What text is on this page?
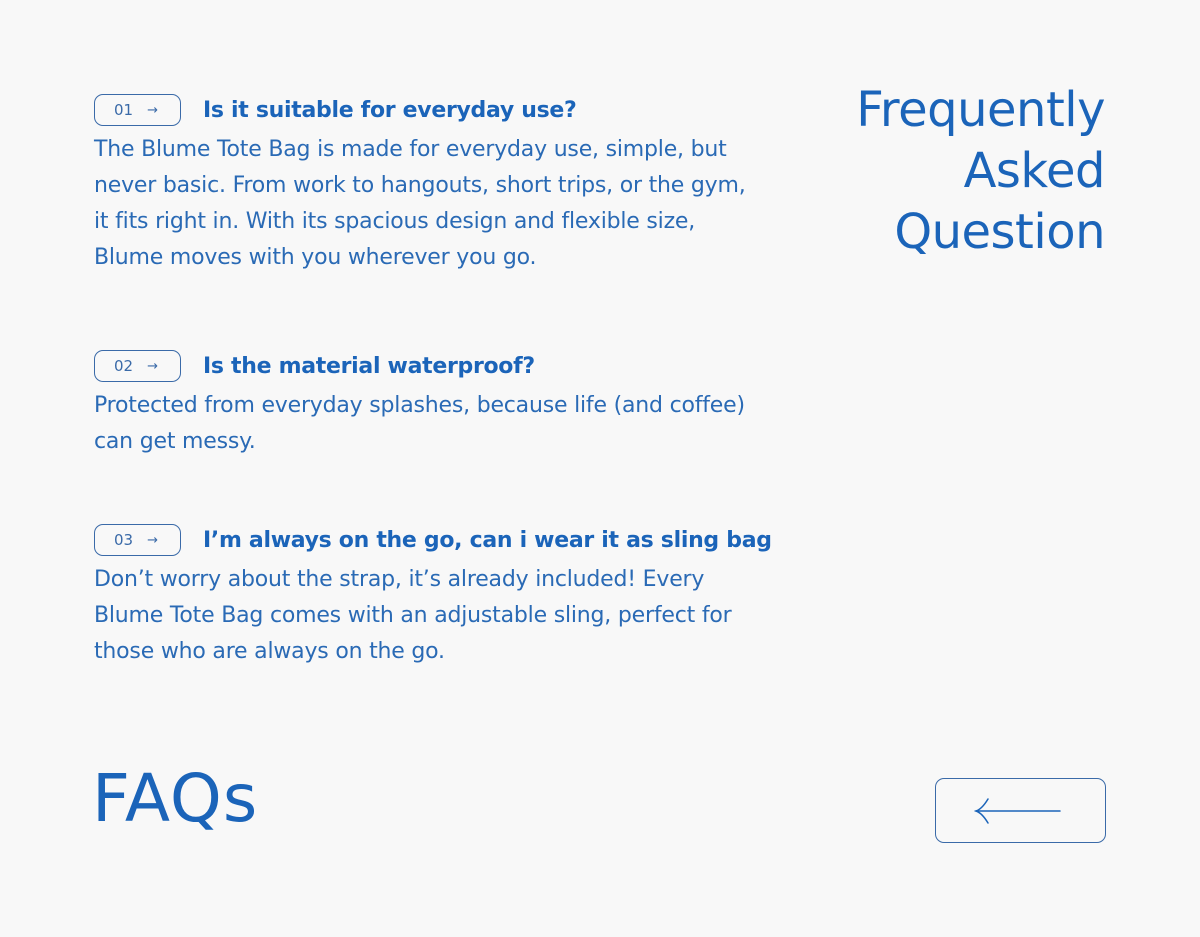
01 → Is it suitable for everyday use?

The Blume Tote Bag is made for everyday use, simple, but
never basic. From work to hangouts, short trips, or the gym,
it fits right in. With its spacious design and flexible size,
Blume moves with you wherever you go.

02 → Is the material waterproof?

Protected from everyday splashes, because life (and coffee)
can get messy.

03 → I’m always on the go, can i wear it as sling bag

Don’t worry about the strap, it’s already included! Every
Blume Tote Bag comes with an adjustable sling, perfect for
those who are always on the go.

Frequently
Asked
Question
FAQs
